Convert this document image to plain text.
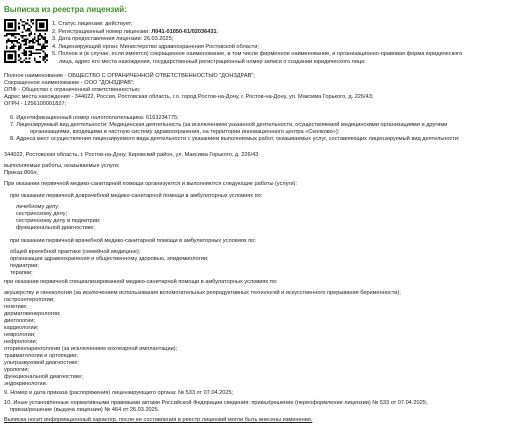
Выписка из реестра лицензий:
1. Статус лицензии: действует;
2. Регистрационный номер лицензии: Л041-01050-61/02036431;
3. Дата предоставления лицензии: 26.03.2025;
4. Лицензирующий орган: Министерство здравоохранения Ростовской области;
5. Полное и (в случае, если имеется) сокращенное наименование, в том числе фирменное наименование, и организационно-правовая форма юридического
лица, адрес его места нахождения, государственный регистрационный номер записи о создании юридического лица:
Полное наименование - ОБЩЕСТВО С ОГРАНИЧЕННОЙ ОТВЕТСТВЕННОСТЬЮ "ДОНЗДРАВ";
Сокращенное наименование - ООО "ДОНЗДРАВ";
ОПФ - Общество с ограниченной ответственностью;
Адрес места нахождения - 344022, Россия, Ростовская область, г.о. город Ростов-на-Дону, г. Ростов-на-Дону, ул. Максима Горького, д. 226/43;
ОГРН - 1256100001827;
6. Идентификационный номер налогоплательщика: 6163234775;
7. Лицензируемый вид деятельности: Медицинская деятельность (за исключением указанной деятельности, осуществляемой медицинскими организациями и другими
организациями, входящими в частную систему здравоохранения, на территории инновационного центра «Сколково»);
8. Адреса мест осуществления лицензируемого вида деятельности с указанием выполняемых работ, оказываемых услуг, составляющих лицензируемый вид деятельности:
344022, Ростовская область, г. Ростов-на-Дону, Кировский район, ул. Максима Горького, д. 226/43
выполняемые работы, оказываемые услуги:
Приказ 866н;
При оказании первичной медико-санитарной помощи организуются и выполняются следующие работы (услуги):
при оказании первичной доврачебной медико-санитарной помощи в амбулаторных условиях по:
лечебному делу;
сестринскому делу;
сестринскому делу в педиатрии;
функциональной диагностике;
при оказании первичной врачебной медико-санитарной помощи в амбулаторных условиях по:
общей врачебной практике (семейной медицине);
организации здравоохранения и общественному здоровью, эпидемиологии;
педиатрии;
терапии;
при оказании первичной специализированной медико-санитарной помощи в амбулаторных условиях по:
акушерству и гинекологии (за исключением использования вспомогательных репродуктивных технологий и искусственного прерывания беременности);
гастроэнтерологии;
генетике;
дерматовенерологии;
диетологии;
кардиологии;
неврологии;
нефрологии;
оториноларингологии (за исключением кохлеарной имплантации);
травматологии и ортопедии;
ультразвуковой диагностике;
урологии;
функциональной диагностике;
эндокринологии.
9. Номер и дата приказа (распоряжения) лицензирующего органа: № 533 от 07.04.2025;
10. Иные установленные нормативными правовыми актами Российской Федерации сведения: приказ/решение (переоформление лицензии) № 533 от 07.04.2025;
приказ/решение (выдача лицензии) № 464 от 26.03.2025.
Выписка носит информационный характер, после ее составления в реестр лицензий могли быть внесены изменения.
